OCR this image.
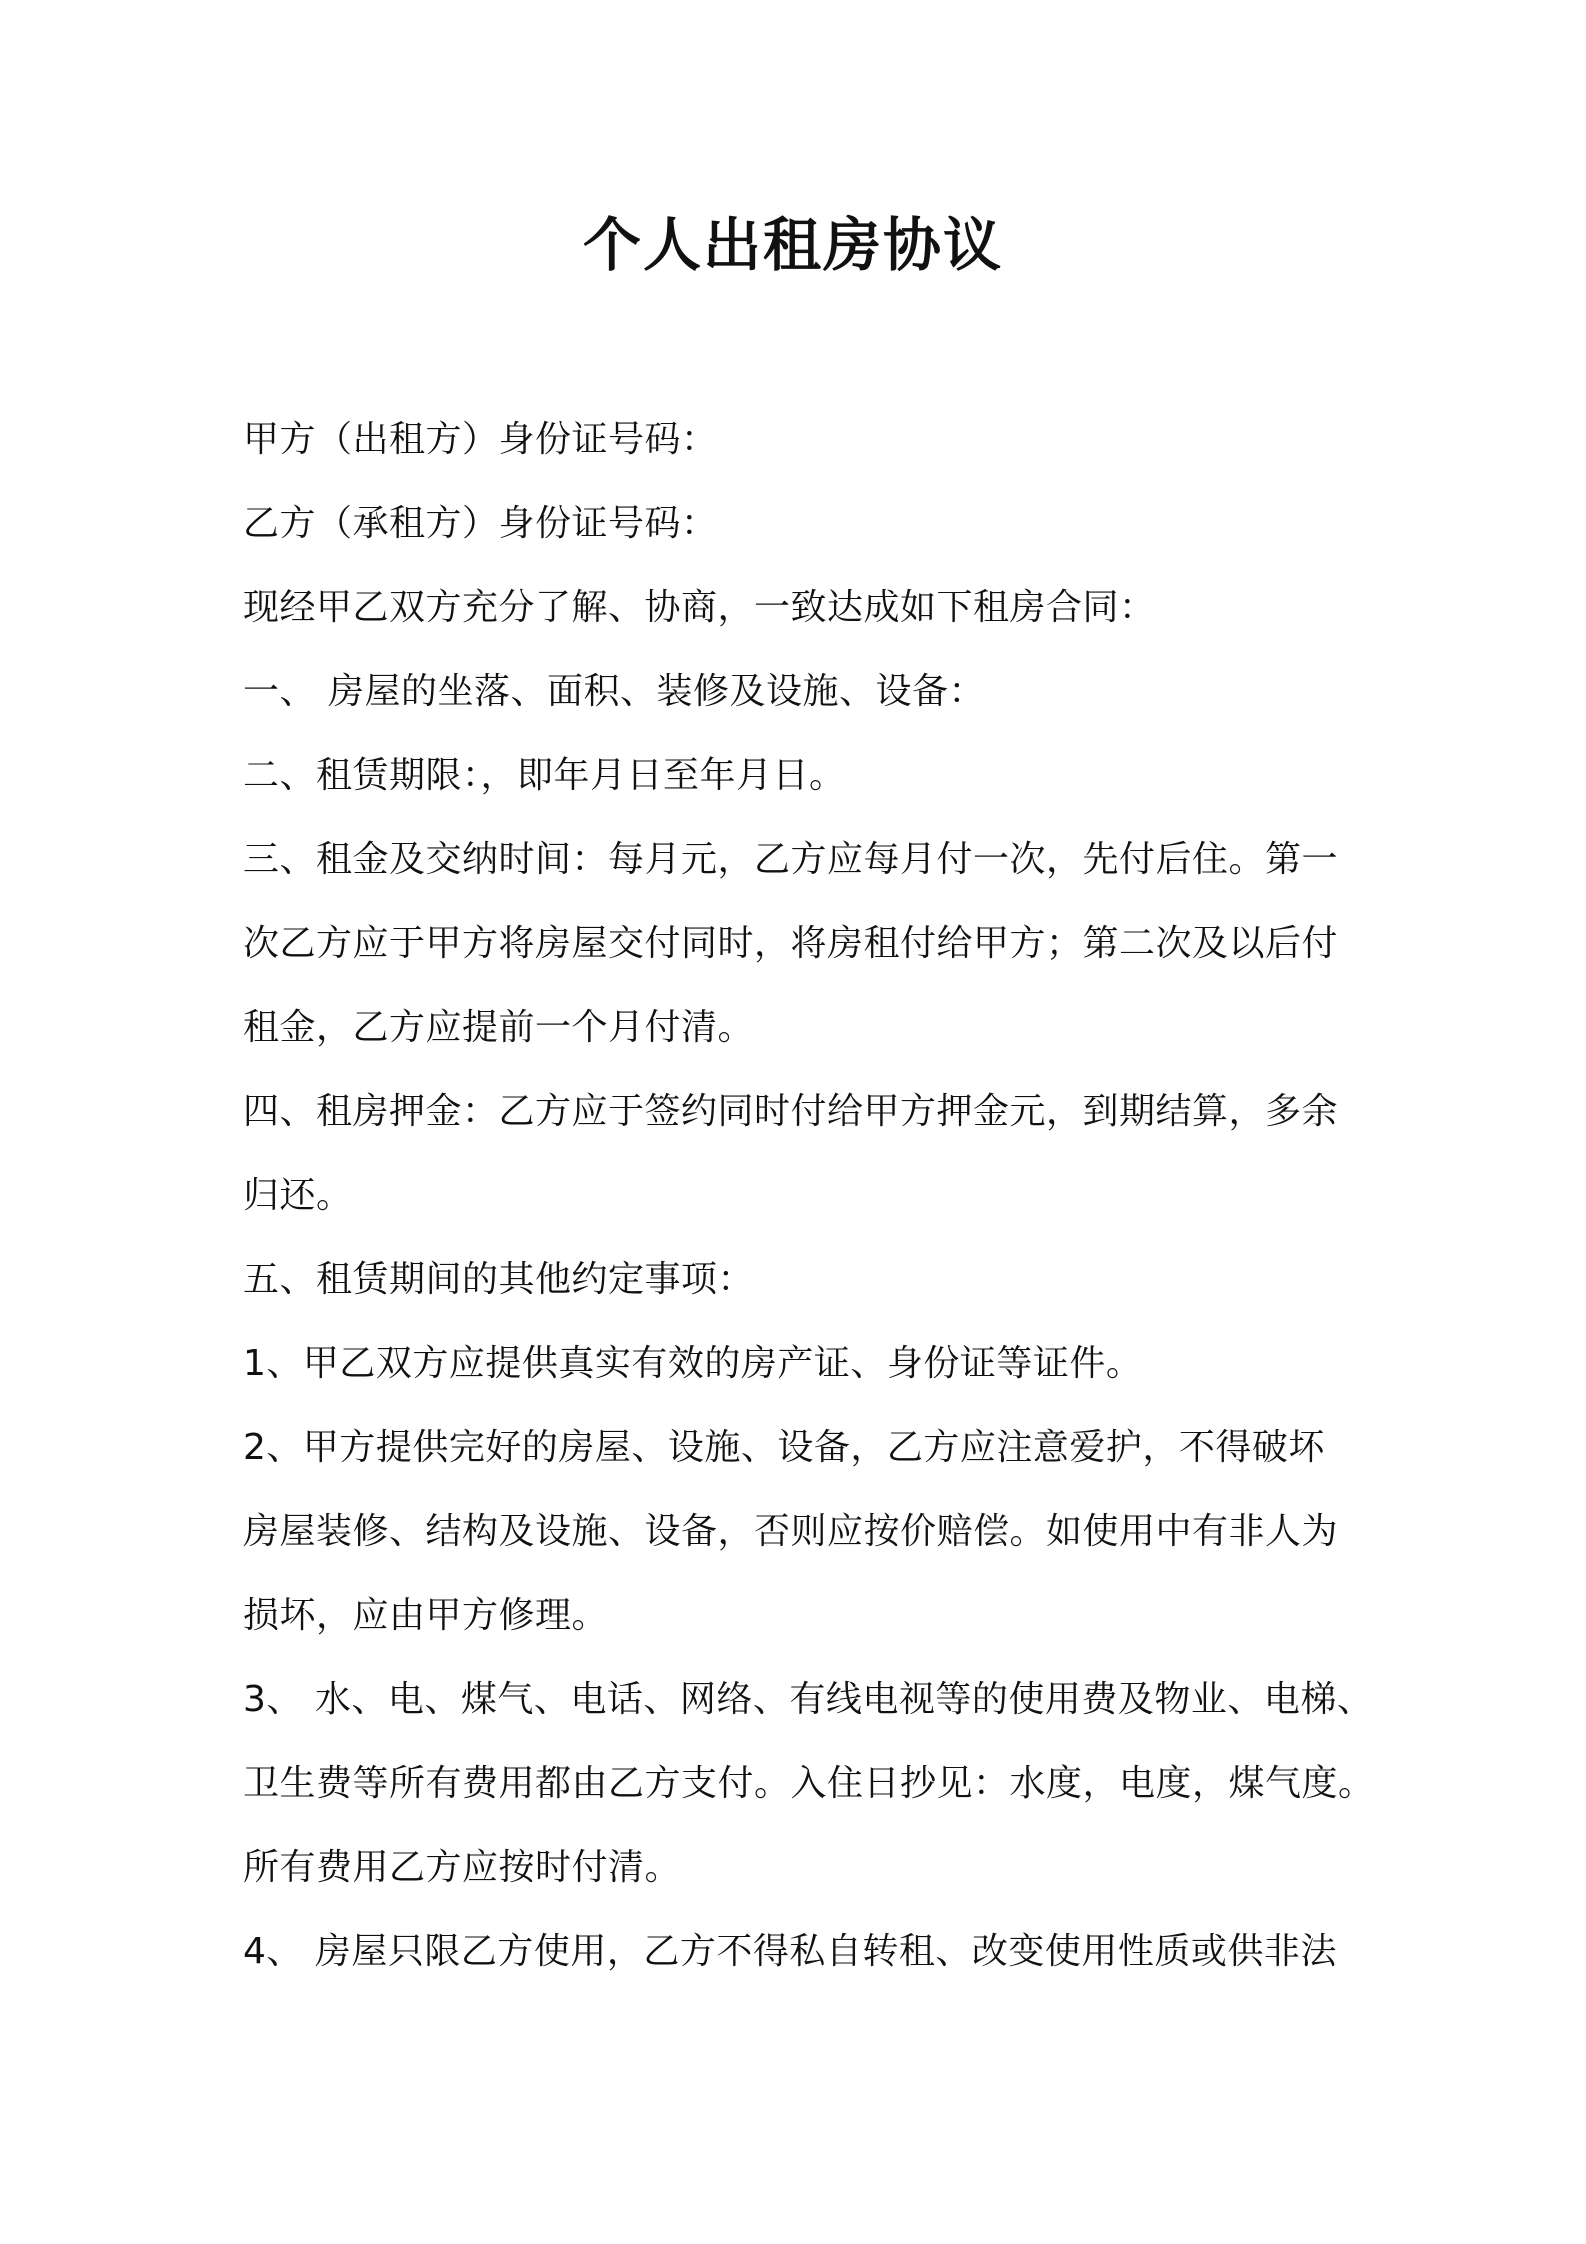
个人出租房协议

甲方（出租方）身份证号码：

乙方（承租方）身份证号码：

现经甲乙双方充分了解、协商，一致达成如下租房合同：

一、 房屋的坐落、面积、装修及设施、设备：

二、租赁期限：，即年月日至年月日。

三、租金及交纳时间：每月元，乙方应每月付一次，先付后住。第一

次乙方应于甲方将房屋交付同时，将房租付给甲方；第二次及以后付

租金，乙方应提前一个月付清。

四、租房押金：乙方应于签约同时付给甲方押金元，到期结算，多余

归还。

五、租赁期间的其他约定事项：

1、甲乙双方应提供真实有效的房产证、身份证等证件。

2、甲方提供完好的房屋、设施、设备，乙方应注意爱护，不得破坏

房屋装修、结构及设施、设备，否则应按价赔偿。如使用中有非人为

损坏，应由甲方修理。

3、 水、电、煤气、电话、网络、有线电视等的使用费及物业、电梯、

卫生费等所有费用都由乙方支付。入住日抄见：水度，电度，煤气度。

所有费用乙方应按时付清。

4、 房屋只限乙方使用，乙方不得私自转租、改变使用性质或供非法
